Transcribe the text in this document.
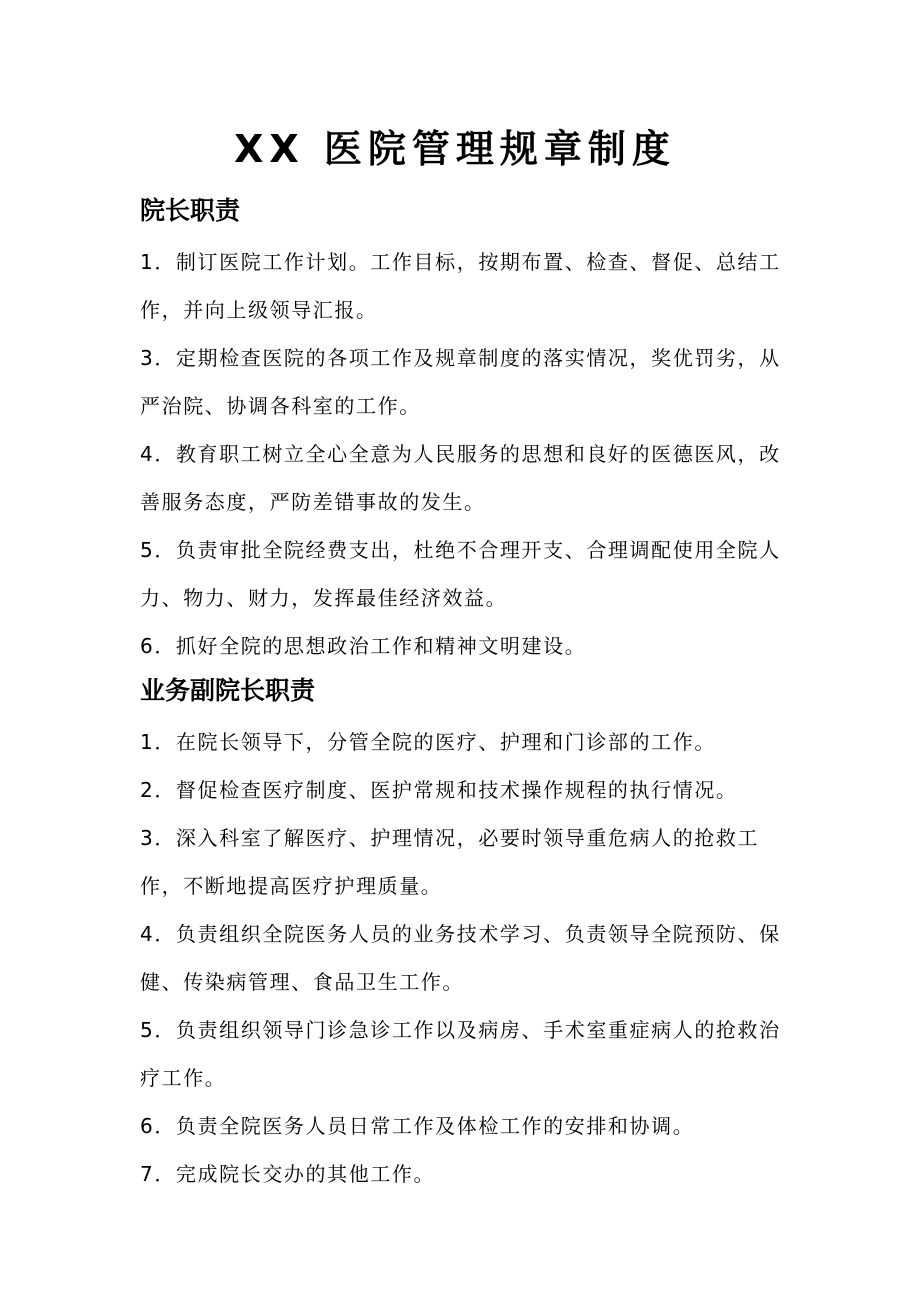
XX 医院管理规章制度
院长职责

1．制订医院工作计划。工作目标，按期布置、检查、督促、总结工作，并向上级领导汇报。

3．定期检查医院的各项工作及规章制度的落实情况，奖优罚劣，从严治院、协调各科室的工作。

4．教育职工树立全心全意为人民服务的思想和良好的医德医风，改善服务态度，严防差错事故的发生。

5．负责审批全院经费支出，杜绝不合理开支、合理调配使用全院人力、物力、财力，发挥最佳经济效益。

6．抓好全院的思想政治工作和精神文明建设。

业务副院长职责

1．在院长领导下，分管全院的医疗、护理和门诊部的工作。

2．督促检查医疗制度、医护常规和技术操作规程的执行情况。

3．深入科室了解医疗、护理情况，必要时领导重危病人的抢救工作，不断地提高医疗护理质量。

4．负责组织全院医务人员的业务技术学习、负责领导全院预防、保健、传染病管理、食品卫生工作。

5．负责组织领导门诊急诊工作以及病房、手术室重症病人的抢救治疗工作。

6．负责全院医务人员日常工作及体检工作的安排和协调。

7．完成院长交办的其他工作。
